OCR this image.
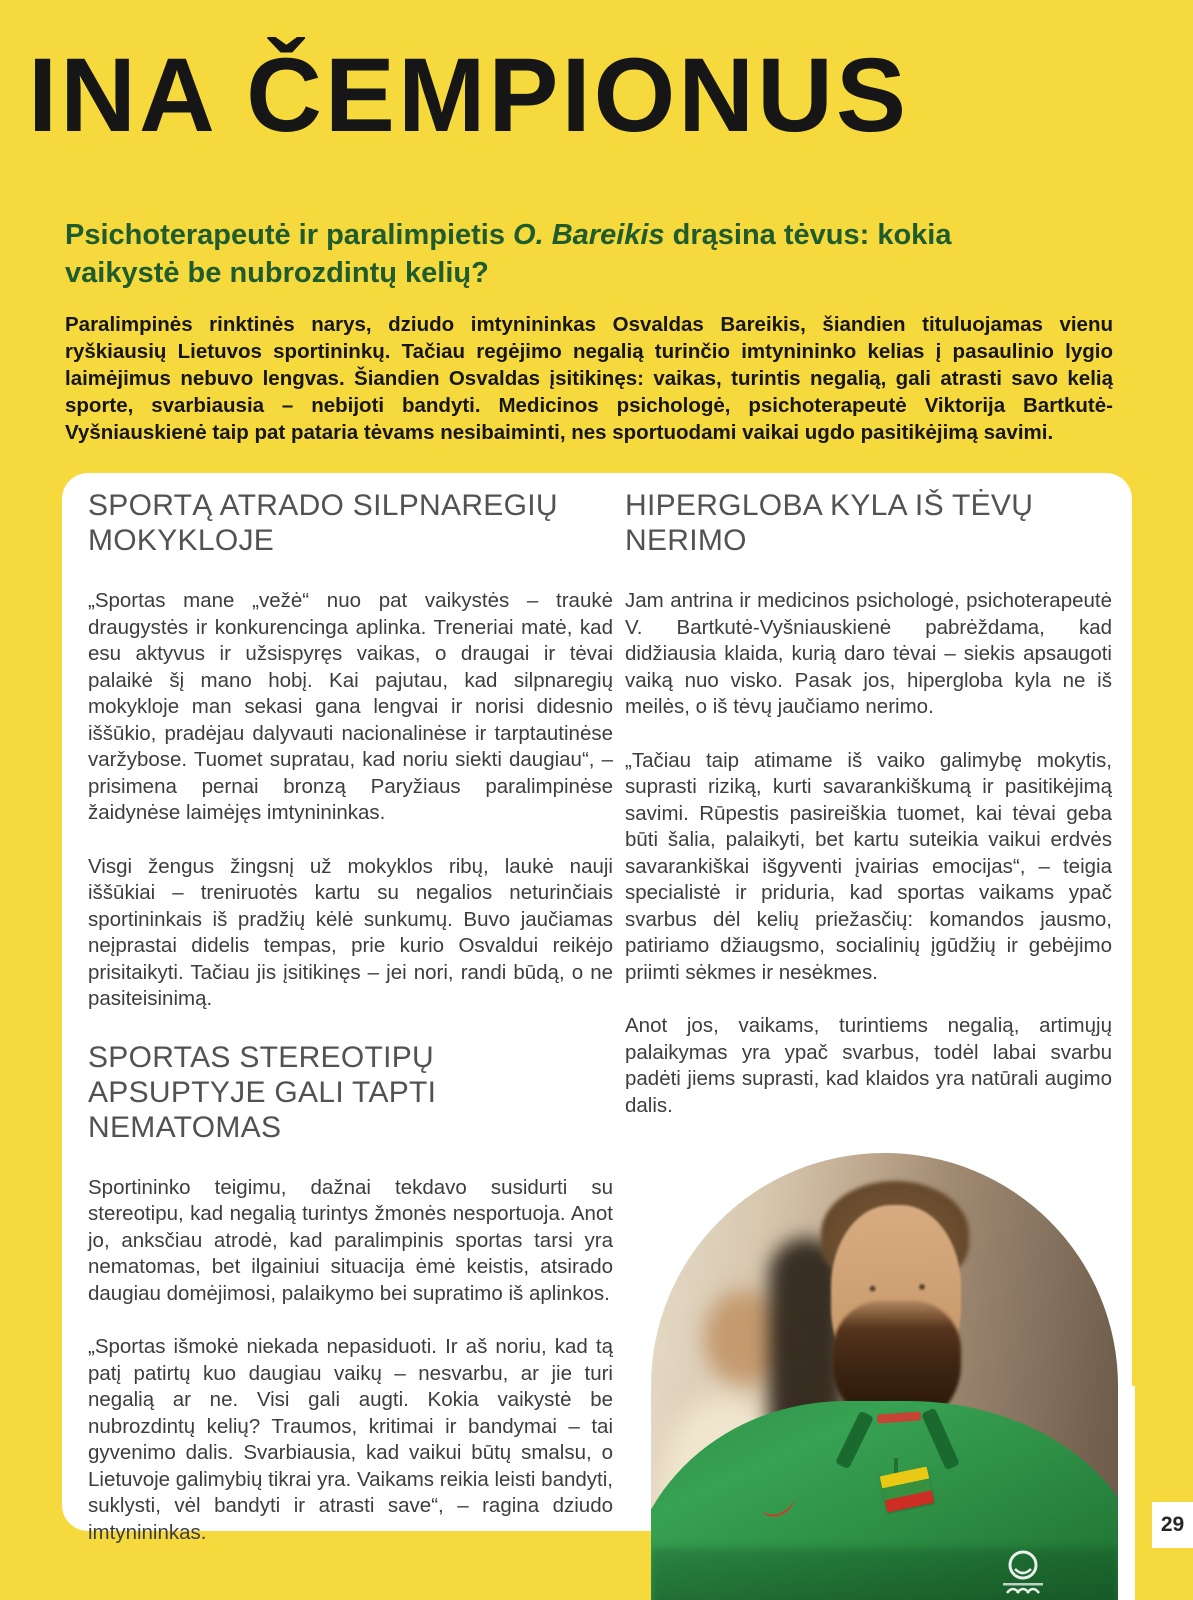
INA ČEMPIONUS
Psichoterapeutė ir paralimpietis O. Bareikis drąsina tėvus: kokia vaikystė be nubrozdintų kelių?

Paralimpinės rinktinės narys, dziudo imtynininkas Osvaldas Bareikis, šiandien tituluojamas vienu ryškiausių Lietuvos sportininkų. Tačiau regėjimo negalią turinčio imtynininko kelias į pasaulinio lygio laimėjimus nebuvo lengvas. Šiandien Osvaldas įsitikinęs: vaikas, turintis negalią, gali atrasti savo kelią sporte, svarbiausia – nebijoti bandyti. Medicinos psichologė, psichoterapeutė Viktorija Bartkutė-Vyšniauskienė taip pat pataria tėvams nesibaiminti, nes sportuodami vaikai ugdo pasitikėjimą savimi.

SPORTĄ ATRADO SILPNAREGIŲ MOKYKLOJE

„Sportas mane „vežė“ nuo pat vaikystės – traukė draugystės ir konkurencinga aplinka. Treneriai matė, kad esu aktyvus ir užsispyręs vaikas, o draugai ir tėvai palaikė šį mano hobį. Kai pajutau, kad silpnaregių mokykloje man sekasi gana lengvai ir norisi didesnio iššūkio, pradėjau dalyvauti nacionalinėse ir tarptautinėse varžybose. Tuomet supratau, kad noriu siekti daugiau“, – prisimena pernai bronzą Paryžiaus paralimpinėse žaidynėse laimėjęs imtynininkas.

Visgi žengus žingsnį už mokyklos ribų, laukė nauji iššūkiai – treniruotės kartu su negalios neturinčiais sportininkais iš pradžių kėlė sunkumų. Buvo jaučiamas neįprastai didelis tempas, prie kurio Osvaldui reikėjo prisitaikyti. Tačiau jis įsitikinęs – jei nori, randi būdą, o ne pasiteisinimą.

SPORTAS STEREOTIPŲ APSUPTYJE GALI TAPTI NEMATOMAS

Sportininko teigimu, dažnai tekdavo susidurti su stereotipu, kad negalią turintys žmonės nesportuoja. Anot jo, anksčiau atrodė, kad paralimpinis sportas tarsi yra nematomas, bet ilgainiui situacija ėmė keistis, atsirado daugiau domėjimosi, palaikymo bei supratimo iš aplinkos.

„Sportas išmokė niekada nepasiduoti. Ir aš noriu, kad tą patį patirtų kuo daugiau vaikų – nesvarbu, ar jie turi negalią ar ne. Visi gali augti. Kokia vaikystė be nubrozdintų kelių? Traumos, kritimai ir bandymai – tai gyvenimo dalis. Svarbiausia, kad vaikui būtų smalsu, o Lietuvoje galimybių tikrai yra. Vaikams reikia leisti bandyti, suklysti, vėl bandyti ir atrasti save“, – ragina dziudo imtynininkas.

HIPERGLOBA KYLA IŠ TĖVŲ NERIMO

Jam antrina ir medicinos psichologė, psichoterapeutė V. Bartkutė-Vyšniauskienė pabrėždama, kad didžiausia klaida, kurią daro tėvai – siekis apsaugoti vaiką nuo visko. Pasak jos, hipergloba kyla ne iš meilės, o iš tėvų jaučiamo nerimo.

„Tačiau taip atimame iš vaiko galimybę mokytis, suprasti riziką, kurti savarankiškumą ir pasitikėjimą savimi. Rūpestis pasireiškia tuomet, kai tėvai geba būti šalia, palaikyti, bet kartu suteikia vaikui erdvės savarankiškai išgyventi įvairias emocijas“, – teigia specialistė ir priduria, kad sportas vaikams ypač svarbus dėl kelių priežasčių: komandos jausmo, patiriamo džiaugsmo, socialinių įgūdžių ir gebėjimo priimti sėkmes ir nesėkmes.

Anot jos, vaikams, turintiems negalią, artimųjų palaikymas yra ypač svarbus, todėl labai svarbu padėti jiems suprasti, kad klaidos yra natūrali augimo dalis.

29
